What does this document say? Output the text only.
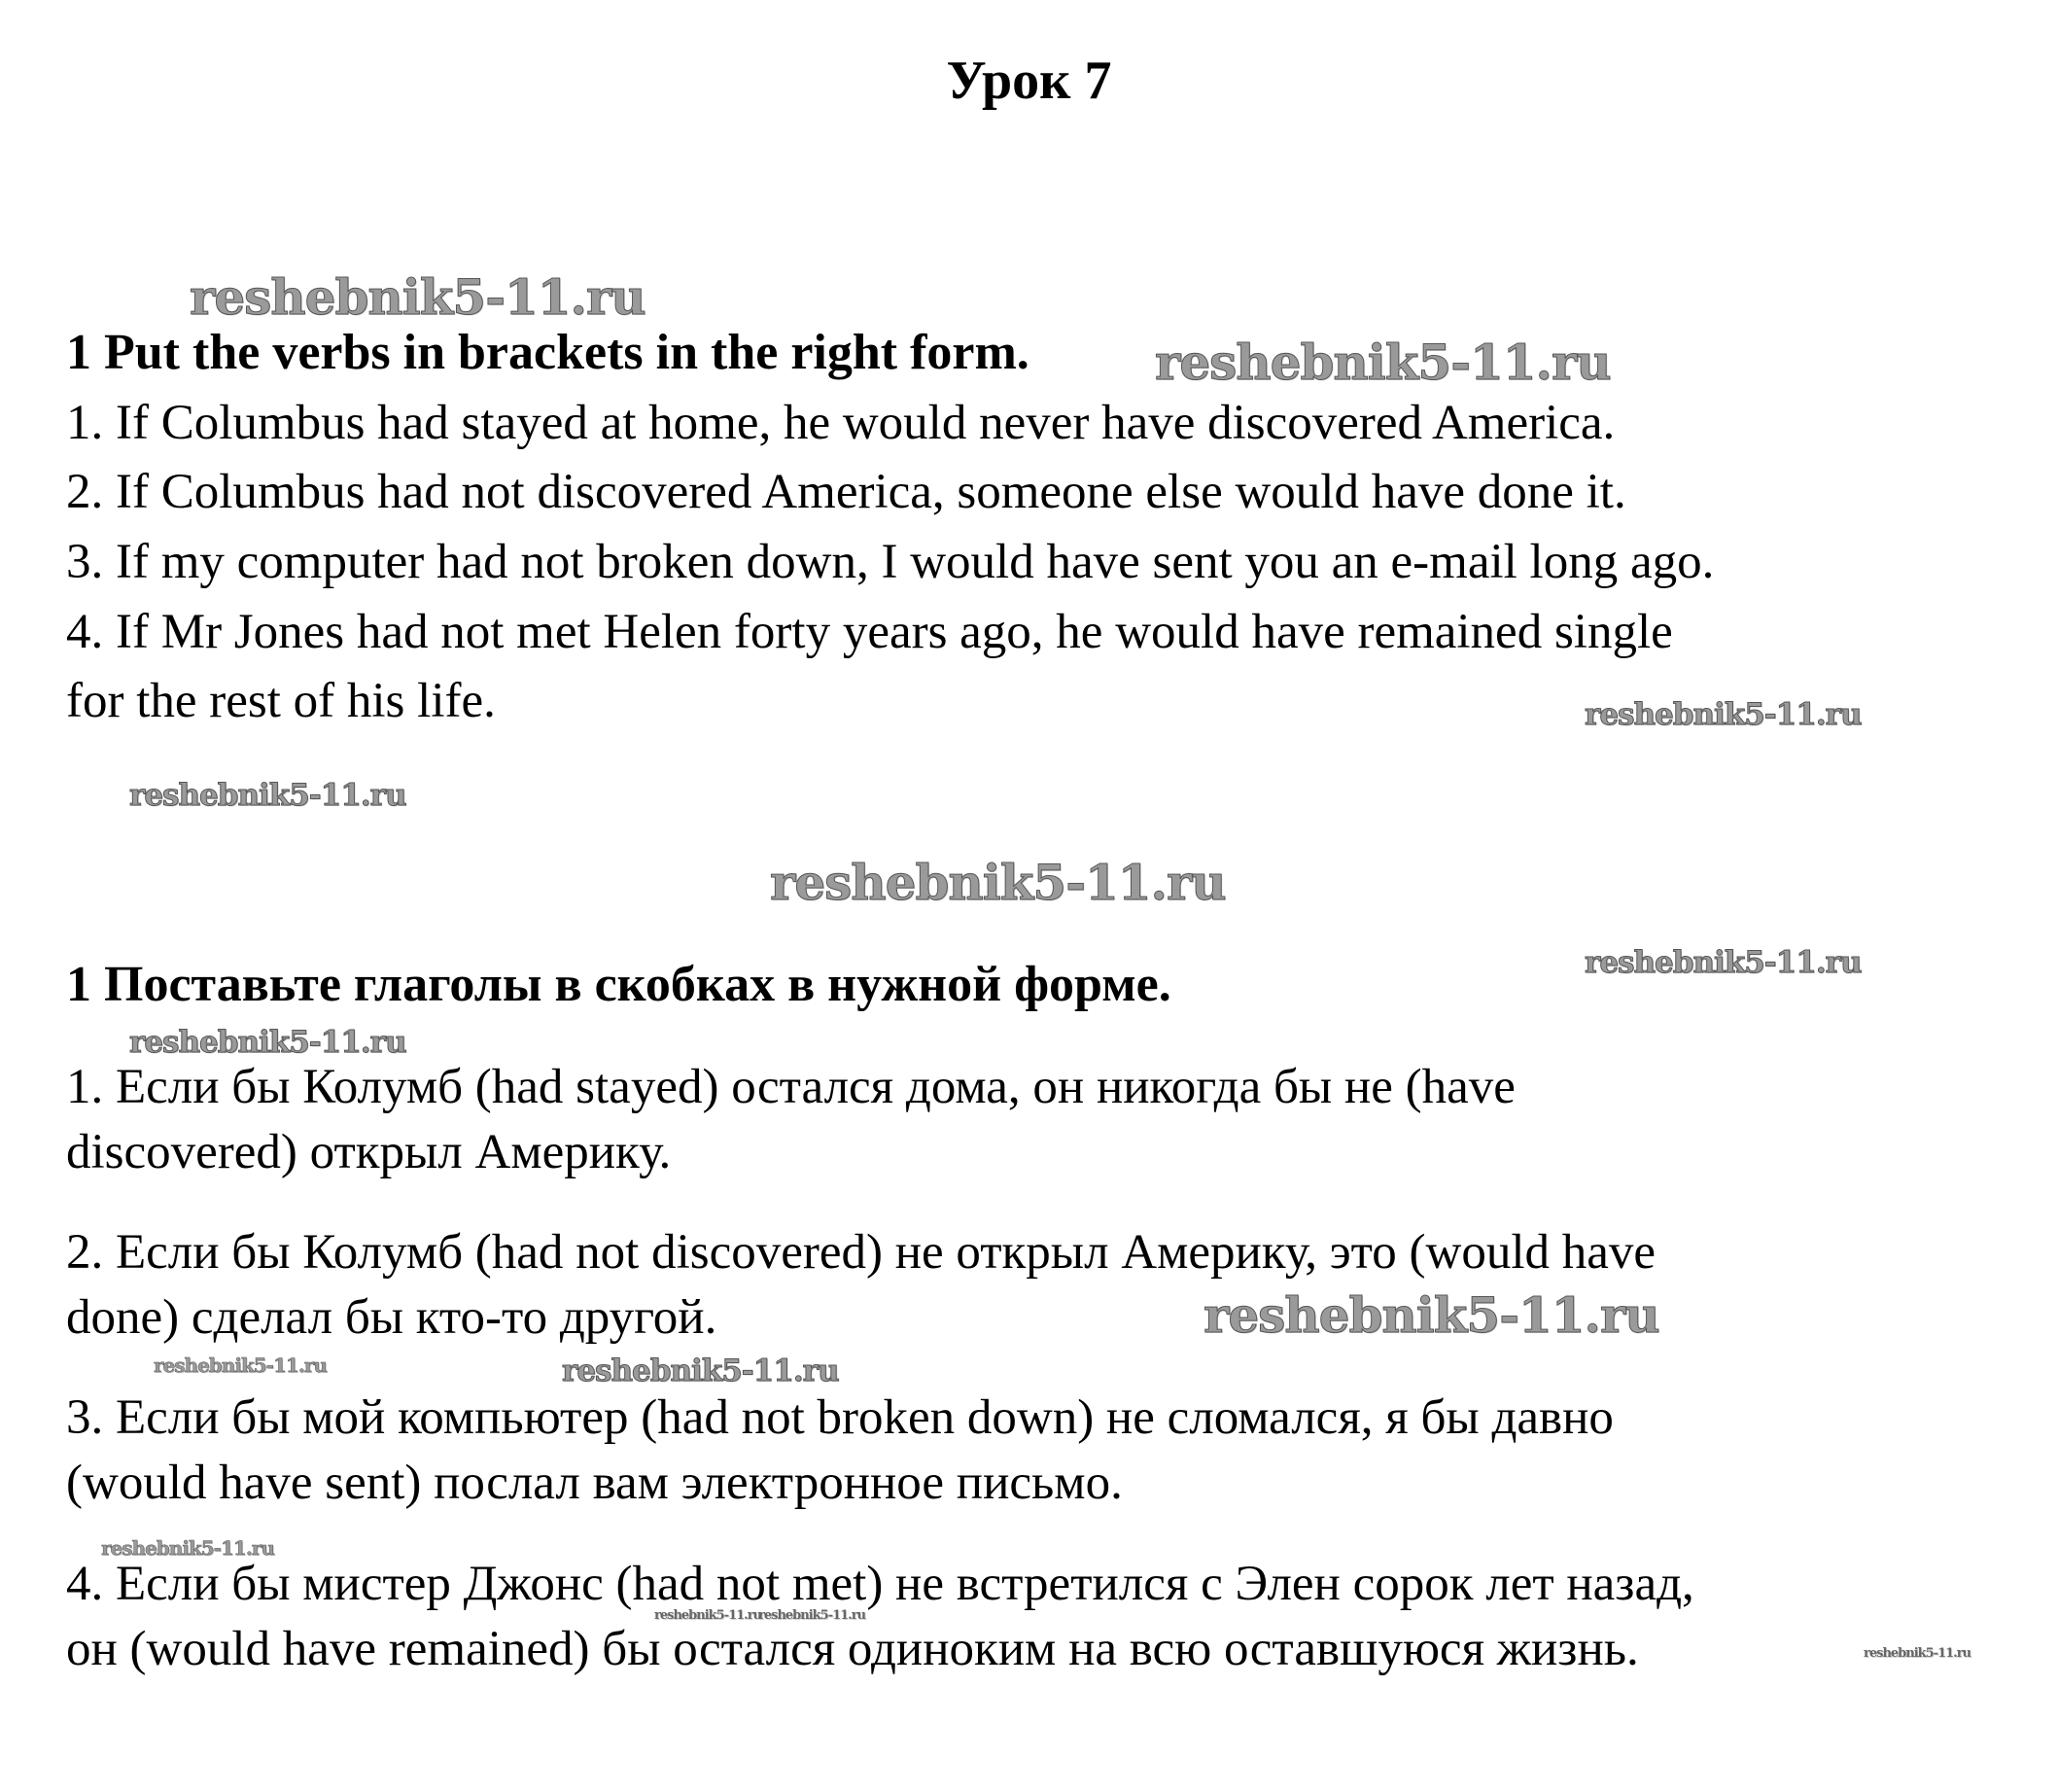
Урок 7
1 Put the verbs in brackets in the right form.
1. If Columbus had stayed at home, he would never have discovered America.
2. If Columbus had not discovered America, someone else would have done it.
3. If my computer had not broken down, I would have sent you an e-mail long ago.
4. If Mr Jones had not met Helen forty years ago, he would have remained single
for the rest of his life.
1 Поставьте глаголы в скобках в нужной форме.
1. Если бы Колумб (had stayed) остался дома, он никогда бы не (have
discovered) открыл Америку.
2. Если бы Колумб (had not discovered) не открыл Америку, это (would have
done) сделал бы кто-то другой.
3. Если бы мой компьютер (had not broken down) не сломался, я бы давно
(would have sent) послал вам электронное письмо.
4. Если бы мистер Джонс (had not met) не встретился с Элен сорок лет назад,
он (would have remained) бы остался одиноким на всю оставшуюся жизнь.
reshebnik5-11.ru
reshebnik5-11.ru
reshebnik5-11.ru
reshebnik5-11.ru
reshebnik5-11.ru
reshebnik5-11.ru
reshebnik5-11.ru
reshebnik5-11.ru
reshebnik5-11.ru	reshebnik5-11.ru
reshebnik5-11.ru
reshebnik5-11.ru
reshebnik5-11.ru
reshebnik5-11.ru
